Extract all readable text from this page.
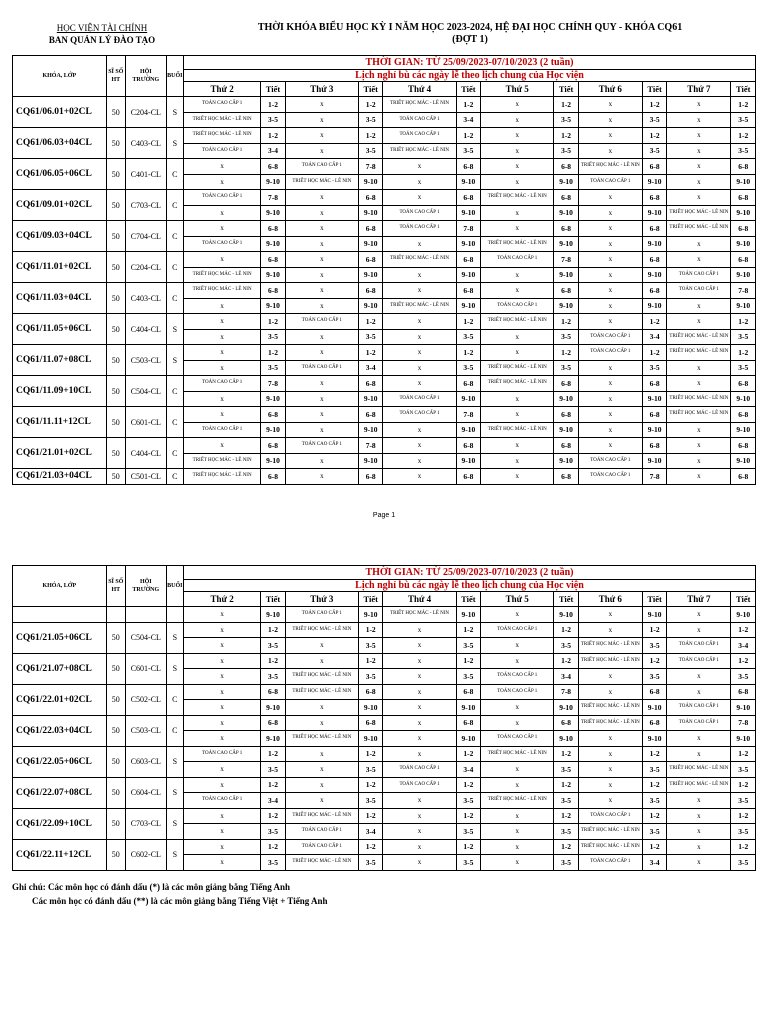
HỌC VIỆN TÀI CHÍNH
BAN QUẢN LÝ ĐÀO TẠO
THỜI KHÓA BIỂU HỌC KỲ I NĂM HỌC 2023-2024, HỆ ĐẠI HỌC CHÍNH QUY - KHÓA CQ61
(ĐỢT 1)
KHÓA, LỚP	SĨ SỐ HT	HỘI TRƯỜNG	BUỔI	THỜI GIAN: TỪ 25/09/2023-07/10/2023 (2 tuần)											
				Lịch nghỉ bù các ngày lễ theo lịch chung của Học viện											
				Thứ 2	Tiết	Thứ 3	Tiết	Thứ 4	Tiết	Thứ 5	Tiết	Thứ 6	Tiết	Thứ 7	Tiết
CQ61/06.01+02CL	50	C204-CL	S	TOÁN CAO CẤP 1	1-2	x	1-2	TRIẾT HỌC MÁC - LÊ NIN	1-2	x	1-2	x	1-2	x	1-2
				TRIẾT HỌC MÁC - LÊ NIN	3-5	x	3-5	TOÁN CAO CẤP 1	3-4	x	3-5	x	3-5	x	3-5
CQ61/06.03+04CL	50	C403-CL	S	TRIẾT HỌC MÁC - LÊ NIN	1-2	x	1-2	TOÁN CAO CẤP 1	1-2	x	1-2	x	1-2	x	1-2
				TOÁN CAO CẤP 1	3-4	x	3-5	TRIẾT HỌC MÁC - LÊ NIN	3-5	x	3-5	x	3-5	x	3-5
CQ61/06.05+06CL	50	C401-CL	C	x	6-8	TOÁN CAO CẤP 1	7-8	x	6-8	x	6-8	TRIẾT HỌC MÁC - LÊ NIN	6-8	x	6-8
				x	9-10	TRIẾT HỌC MÁC - LÊ NIN	9-10	x	9-10	x	9-10	TOÁN CAO CẤP 1	9-10	x	9-10
CQ61/09.01+02CL	50	C703-CL	C	TOÁN CAO CẤP 1	7-8	x	6-8	x	6-8	TRIẾT HỌC MÁC - LÊ NIN	6-8	x	6-8	x	6-8
				x	9-10	x	9-10	TOÁN CAO CẤP 1	9-10	x	9-10	x	9-10	TRIẾT HỌC MÁC - LÊ NIN	9-10
CQ61/09.03+04CL	50	C704-CL	C	x	6-8	x	6-8	TOÁN CAO CẤP 1	7-8	x	6-8	x	6-8	TRIẾT HỌC MÁC - LÊ NIN	6-8
				TOÁN CAO CẤP 1	9-10	x	9-10	x	9-10	TRIẾT HỌC MÁC - LÊ NIN	9-10	x	9-10	x	9-10
CQ61/11.01+02CL	50	C204-CL	C	x	6-8	x	6-8	TRIẾT HỌC MÁC - LÊ NIN	6-8	TOÁN CAO CẤP 1	7-8	x	6-8	x	6-8
				TRIẾT HỌC MÁC - LÊ NIN	9-10	x	9-10	x	9-10	x	9-10	x	9-10	TOÁN CAO CẤP 1	9-10
CQ61/11.03+04CL	50	C403-CL	C	TRIẾT HỌC MÁC - LÊ NIN	6-8	x	6-8	x	6-8	x	6-8	x	6-8	TOÁN CAO CẤP 1	7-8
				x	9-10	x	9-10	TRIẾT HỌC MÁC - LÊ NIN	9-10	TOÁN CAO CẤP 1	9-10	x	9-10	x	9-10
CQ61/11.05+06CL	50	C404-CL	S	x	1-2	TOÁN CAO CẤP 1	1-2	x	1-2	TRIẾT HỌC MÁC - LÊ NIN	1-2	x	1-2	x	1-2
				x	3-5	x	3-5	x	3-5	x	3-5	TOÁN CAO CẤP 1	3-4	TRIẾT HỌC MÁC - LÊ NIN	3-5
CQ61/11.07+08CL	50	C503-CL	S	x	1-2	x	1-2	x	1-2	x	1-2	TOÁN CAO CẤP 1	1-2	TRIẾT HỌC MÁC - LÊ NIN	1-2
				x	3-5	TOÁN CAO CẤP 1	3-4	x	3-5	TRIẾT HỌC MÁC - LÊ NIN	3-5	x	3-5	x	3-5
CQ61/11.09+10CL	50	C504-CL	C	TOÁN CAO CẤP 1	7-8	x	6-8	x	6-8	TRIẾT HỌC MÁC - LÊ NIN	6-8	x	6-8	x	6-8
				x	9-10	x	9-10	TOÁN CAO CẤP 1	9-10	x	9-10	x	9-10	TRIẾT HỌC MÁC - LÊ NIN	9-10
CQ61/11.11+12CL	50	C601-CL	C	x	6-8	x	6-8	TOÁN CAO CẤP 1	7-8	x	6-8	x	6-8	TRIẾT HỌC MÁC - LÊ NIN	6-8
				TOÁN CAO CẤP 1	9-10	x	9-10	x	9-10	TRIẾT HỌC MÁC - LÊ NIN	9-10	x	9-10	x	9-10
CQ61/21.01+02CL	50	C404-CL	C	x	6-8	TOÁN CAO CẤP 1	7-8	x	6-8	x	6-8	x	6-8	x	6-8
				TRIẾT HỌC MÁC - LÊ NIN	9-10	x	9-10	x	9-10	x	9-10	TOÁN CAO CẤP 1	9-10	x	9-10
CQ61/21.03+04CL	50	C501-CL	C	TRIẾT HỌC MÁC - LÊ NIN	6-8	x	6-8	x	6-8	x	6-8	TOÁN CAO CẤP 1	7-8	x	6-8
Page 1
KHÓA, LỚP	SĨ SỐ HT	HỘI TRƯỜNG	BUỔI	THỜI GIAN: TỪ 25/09/2023-07/10/2023 (2 tuần)											
				Lịch nghỉ bù các ngày lễ theo lịch chung của Học viện											
				Thứ 2	Tiết	Thứ 3	Tiết	Thứ 4	Tiết	Thứ 5	Tiết	Thứ 6	Tiết	Thứ 7	Tiết
				x	9-10	TOÁN CAO CẤP 1	9-10	TRIẾT HỌC MÁC - LÊ NIN	9-10	x	9-10	x	9-10	x	9-10
CQ61/21.05+06CL	50	C504-CL	S	x	1-2	TRIẾT HỌC MÁC - LÊ NIN	1-2	x	1-2	TOÁN CAO CẤP 1	1-2	x	1-2	x	1-2
				x	3-5	x	3-5	x	3-5	x	3-5	TRIẾT HỌC MÁC - LÊ NIN	3-5	TOÁN CAO CẤP 1	3-4
CQ61/21.07+08CL	50	C601-CL	S	x	1-2	x	1-2	x	1-2	x	1-2	TRIẾT HỌC MÁC - LÊ NIN	1-2	TOÁN CAO CẤP 1	1-2
				x	3-5	TRIẾT HỌC MÁC - LÊ NIN	3-5	x	3-5	TOÁN CAO CẤP 1	3-4	x	3-5	x	3-5
CQ61/22.01+02CL	50	C502-CL	C	x	6-8	TRIẾT HỌC MÁC - LÊ NIN	6-8	x	6-8	TOÁN CAO CẤP 1	7-8	x	6-8	x	6-8
				x	9-10	x	9-10	x	9-10	x	9-10	TRIẾT HỌC MÁC - LÊ NIN	9-10	TOÁN CAO CẤP 1	9-10
CQ61/22.03+04CL	50	C503-CL	C	x	6-8	x	6-8	x	6-8	x	6-8	TRIẾT HỌC MÁC - LÊ NIN	6-8	TOÁN CAO CẤP 1	7-8
				x	9-10	TRIẾT HỌC MÁC - LÊ NIN	9-10	x	9-10	TOÁN CAO CẤP 1	9-10	x	9-10	x	9-10
CQ61/22.05+06CL	50	C603-CL	S	TOÁN CAO CẤP 1	1-2	x	1-2	x	1-2	TRIẾT HỌC MÁC - LÊ NIN	1-2	x	1-2	x	1-2
				x	3-5	x	3-5	TOÁN CAO CẤP 1	3-4	x	3-5	x	3-5	TRIẾT HỌC MÁC - LÊ NIN	3-5
CQ61/22.07+08CL	50	C604-CL	S	x	1-2	x	1-2	TOÁN CAO CẤP 1	1-2	x	1-2	x	1-2	TRIẾT HỌC MÁC - LÊ NIN	1-2
				TOÁN CAO CẤP 1	3-4	x	3-5	x	3-5	TRIẾT HỌC MÁC - LÊ NIN	3-5	x	3-5	x	3-5
CQ61/22.09+10CL	50	C703-CL	S	x	1-2	TRIẾT HỌC MÁC - LÊ NIN	1-2	x	1-2	x	1-2	TOÁN CAO CẤP 1	1-2	x	1-2
				x	3-5	TOÁN CAO CẤP 1	3-4	x	3-5	x	3-5	TRIẾT HỌC MÁC - LÊ NIN	3-5	x	3-5
CQ61/22.11+12CL	50	C602-CL	S	x	1-2	TOÁN CAO CẤP 1	1-2	x	1-2	x	1-2	TRIẾT HỌC MÁC - LÊ NIN	1-2	x	1-2
				x	3-5	TRIẾT HỌC MÁC - LÊ NIN	3-5	x	3-5	x	3-5	TOÁN CAO CẤP 1	3-4	x	3-5
Ghi chú: Các môn học có đánh dấu (*) là các môn giảng bằng Tiếng Anh
Các môn học có đánh dấu (**) là các môn giảng bằng Tiếng Việt + Tiếng Anh
